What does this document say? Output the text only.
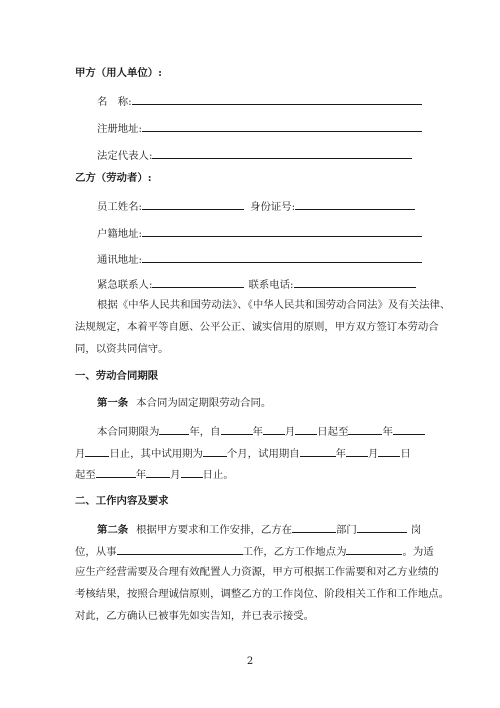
甲方（用人单位）:
名　称:
注册地址:
法定代表人:
乙方（劳动者）:
员工姓名:	身份证号:
户籍地址:
通讯地址:
紧急联系人:	联系电话:
根据《中华人民共和国劳动法》、《中华人民共和国劳动合同法》及有关法律、
法规规定，本着平等自愿、公平公正、诚实信用的原则，甲方双方签订本劳动合
同，以资共同信守。
一、劳动合同期限
第一条 本合同为固定期限劳动合同。
本合同期限为	年，自	年 月 日起至	年
月 日止，其中试用期为 个月，试用期自	年 月 日
起至	年 月 日止。
二、工作内容及要求
第二条 根据甲方要求和工作安排，乙方在	部门	岗
位，从事	工作，乙方工作地点为	。为适
应生产经营需要及合理有效配置人力资源，甲方可根据工作需要和对乙方业绩的
考核结果，按照合理诚信原则，调整乙方的工作岗位、阶段相关工作和工作地点。
对此，乙方确认已被事先如实告知，并已表示接受。
2
